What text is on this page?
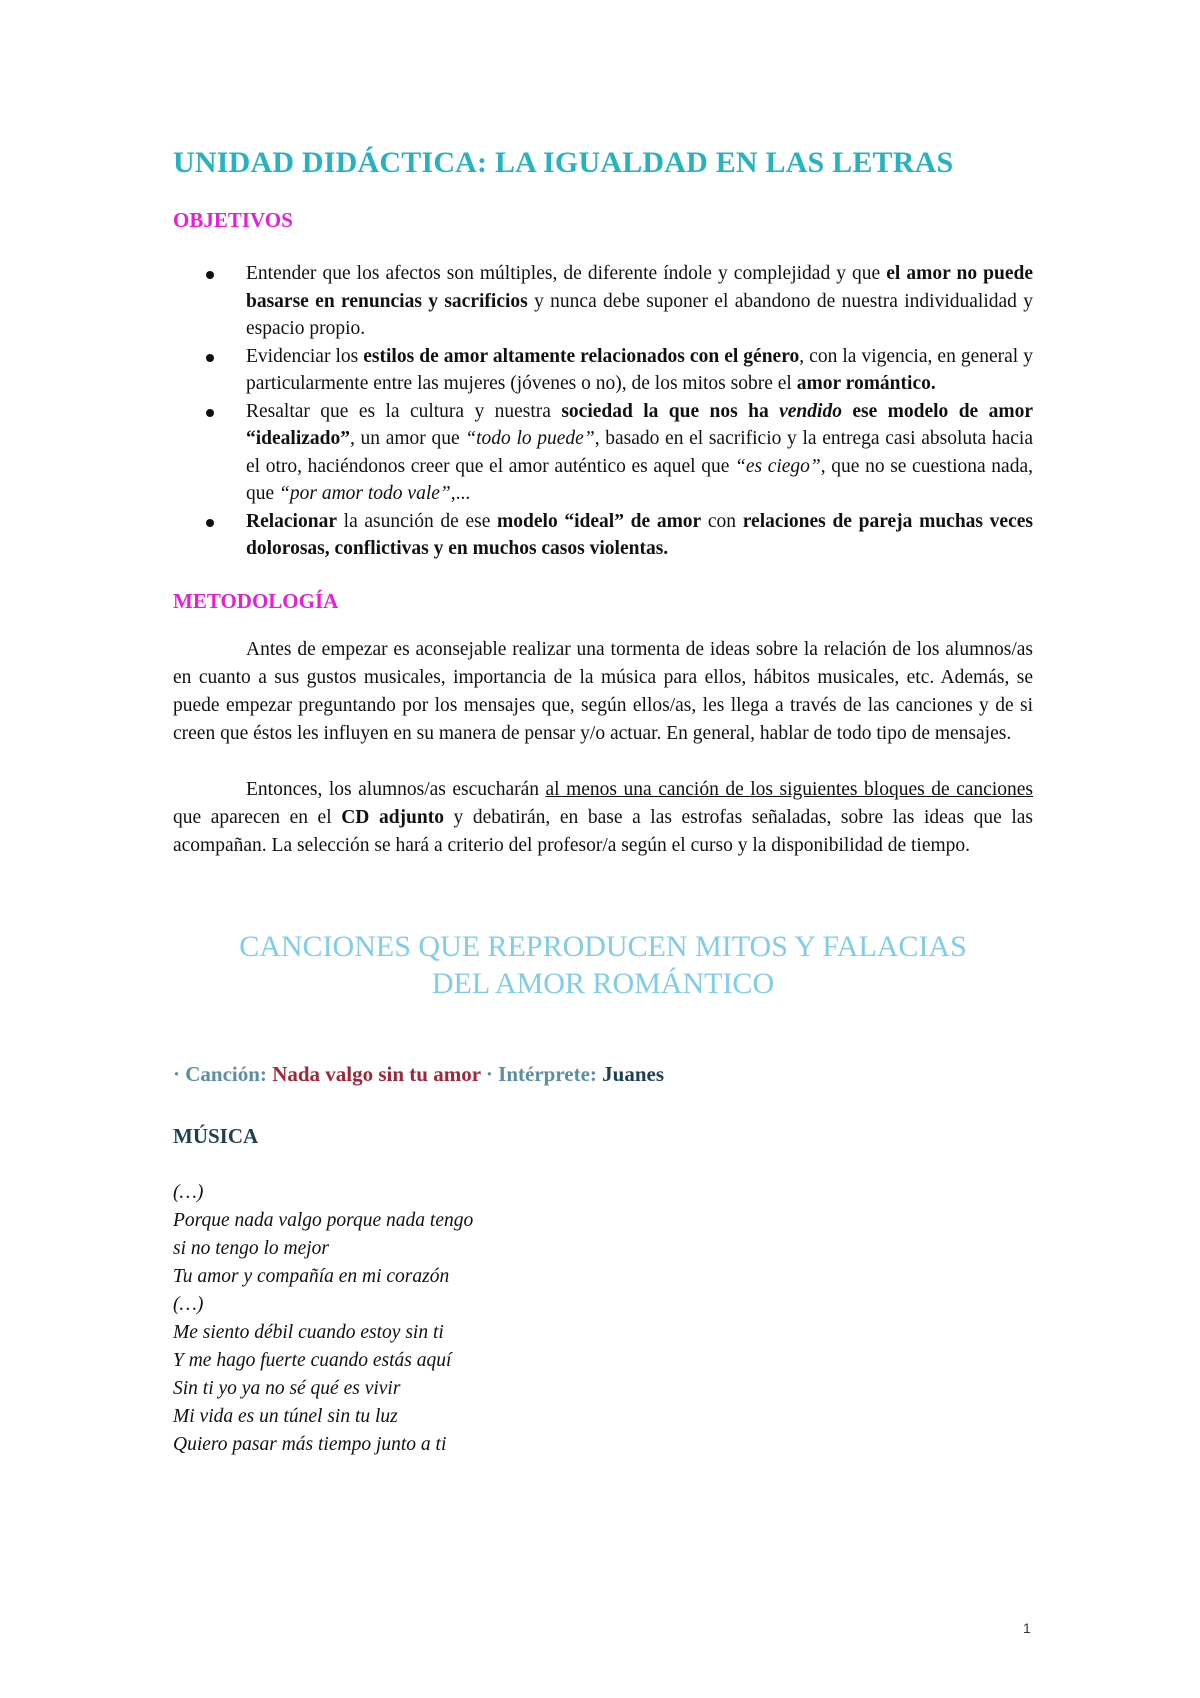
UNIDAD DIDÁCTICA: LA IGUALDAD EN LAS LETRAS
OBJETIVOS
Entender que los afectos son múltiples, de diferente índole y complejidad y que el amor no puede basarse en renuncias y sacrificios y nunca debe suponer el abandono de nuestra individualidad y espacio propio.
Evidenciar los estilos de amor altamente relacionados con el género, con la vigencia, en general y particularmente entre las mujeres (jóvenes o no), de los mitos sobre el amor romántico.
Resaltar que es la cultura y nuestra sociedad la que nos ha vendido ese modelo de amor “idealizado”, un amor que “todo lo puede”, basado en el sacrificio y la entrega casi absoluta hacia el otro, haciéndonos creer que el amor auténtico es aquel que “es ciego”, que no se cuestiona nada, que “por amor todo vale”,...
Relacionar la asunción de ese modelo “ideal” de amor con relaciones de pareja muchas veces dolorosas, conflictivas y en muchos casos violentas.
METODOLOGÍA

Antes de empezar es aconsejable realizar una tormenta de ideas sobre la relación de los alumnos/as en cuanto a sus gustos musicales, importancia de la música para ellos, hábitos musicales, etc. Además, se puede empezar preguntando por los mensajes que, según ellos/as, les llega a través de las canciones y de si creen que éstos les influyen en su manera de pensar y/o actuar. En general, hablar de todo tipo de mensajes.

Entonces, los alumnos/as escucharán al menos una canción de los siguientes bloques de canciones que aparecen en el CD adjunto y debatirán, en base a las estrofas señaladas, sobre las ideas que las acompañan. La selección se hará a criterio del profesor/a según el curso y la disponibilidad de tiempo.

CANCIONES QUE REPRODUCEN MITOS Y FALACIAS
DEL AMOR ROMÁNTICO
· Canción: Nada valgo sin tu amor · Intérprete: Juanes
MÚSICA
(…)
Porque nada valgo porque nada tengo
si no tengo lo mejor
Tu amor y compañía en mi corazón
(…)
Me siento débil cuando estoy sin ti
Y me hago fuerte cuando estás aquí
Sin ti yo ya no sé qué es vivir
Mi vida es un túnel sin tu luz
Quiero pasar más tiempo junto a ti
1
